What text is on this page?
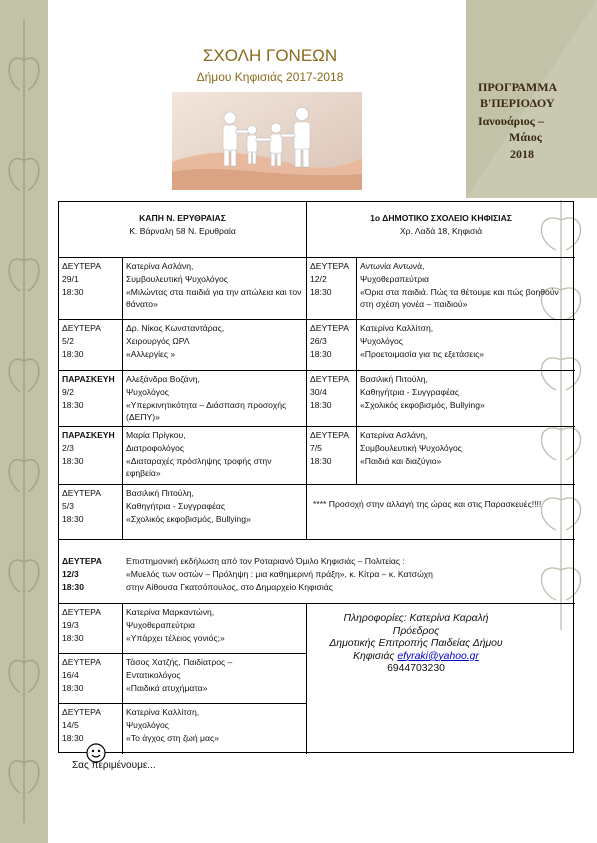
ΠΡΟΓΡΑΜΜΑ
Β'ΠΕΡΙΟΔΟΥ
Ιανουάριος –
Μάιος
2018
ΣΧΟΛΗ ΓΟΝΕΩΝ
Δήμου Κηφισιάς 2017-2018
ΚΑΠΗ Ν. ΕΡΥΘΡΑΙΑΣ
Κ. Βάρναλη 58 Ν. Ερυθραία
1ο ΔΗΜΟΤΙΚΟ ΣΧΟΛΕΙΟ ΚΗΦΙΣΙΑΣ
Χρ. Λαδά 18, Κηφισιά
ΔΕΥΤΕΡΑ
29/1
18:30
Κατερίνα Ασλάνη,
Συμβουλευτική Ψυχολόγος
«Μιλώντας στα παιδιά για την απώλεια και τον θάνατο»
ΔΕΥΤΕΡΑ
5/2
18:30
Δρ. Νίκος Κωνσταντάρας,
Χειρουργός ΩΡΛ
«Αλλεργίες »
ΠΑΡΑΣΚΕΥΗ
9/2
18:30
Αλεξάνδρα Βοζάνη,
Ψυχολόγος
«Υπερκινητικότητα – Διάσπαση προσοχής (ΔΕΠΥ)»
ΠΑΡΑΣΚΕΥΗ
2/3
18:30
Μαρία Πρίγκου,
Διατροφολόγος
«Διαταραχές πρόσληψης τροφής στην εφηβεία»
ΔΕΥΤΕΡΑ
5/3
18:30
Βασιλική Πιτούλη,
Καθηγήτρια - Συγγραφέας
«Σχολικός εκφοβισμός, Bullying»
ΔΕΥΤΕΡΑ
12/2
18:30
Αντωνία Αντωνά,
Ψυχοθεραπεύτρια
«Όρια στα παιδιά. Πώς τα θέτουμε και πώς βοηθούν στη σχέση γονέα – παιδιού»
ΔΕΥΤΕΡΑ
26/3
18:30
Κατερίνα Καλλίτση,
Ψυχολόγος
«Προετοιμασία για τις εξετάσεις»
ΔΕΥΤΕΡΑ
30/4
18:30
Βασιλική Πιτούλη,
Καθηγήτρια - Συγγραφέας
«Σχολικός εκφοβισμός, Bullying»
ΔΕΥΤΕΡΑ
7/5
18:30
Κατερίνα Ασλάνη,
Συμβουλευτική Ψυχολόγος
«Παιδιά και διαζύγιο»
**** Προσοχή στην αλλαγή της ώρας και στις Παρασκευές!!!!
ΔΕΥΤΕΡΑ
12/3
18:30
Επιστημονική εκδήλωση από τον Ροταριανό Όμιλο Κηφισιάς – Πολιτείας :
«Μυελός των οστών – Πρόληψη : μια καθημερινή πράξη», κ. Κίτρα – κ. Κατσώχη
στην Αίθουσα Γκατσόπουλος, στο Δημαρχείο Κηφισιάς
ΔΕΥΤΕΡΑ
19/3
18:30
Κατερίνα Μαρκαντώνη,
Ψυχοθεραπεύτρια
«Υπάρχει τέλειος γονιός;»
ΔΕΥΤΕΡΑ
16/4
18:30
Τάσος Χατζής, Παιδίατρος –
Εντατικολόγος
«Παιδικά ατυχήματα»
ΔΕΥΤΕΡΑ
14/5
18:30
Κατερίνα Καλλίτση,
Ψυχολόγος
«Το άγχος στη ζωή μας»
Πληροφορίες: Κατερίνα Καραλή
Πρόεδρος
Δημοτικής Επιτροπής Παιδείας Δήμου
Κηφισιάς efyraki@yahoo.gr
6944703230
Σας περιμένουμε...
